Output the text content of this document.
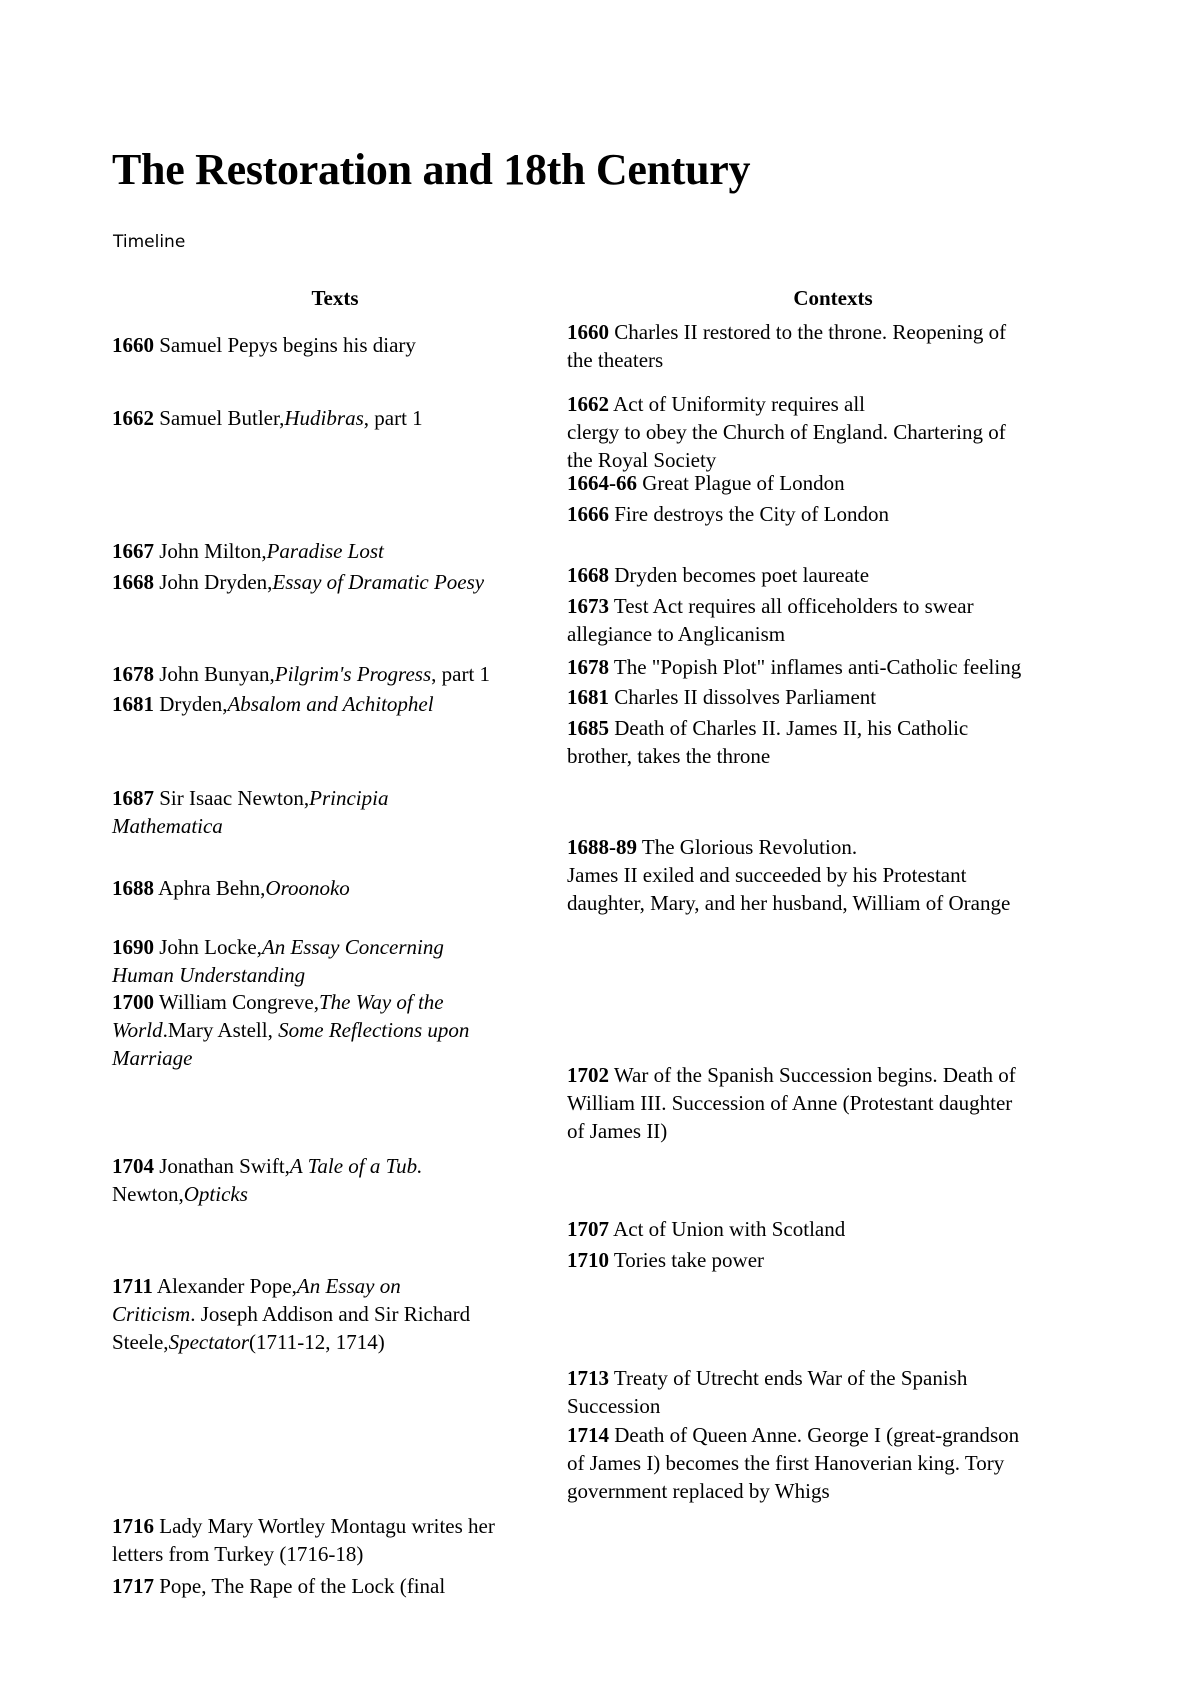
The Restoration and 18th Century
Timeline
Texts	Contexts
1660 Samuel Pepys begins his diary
1662 Samuel Butler,Hudibras, part 1
1667 John Milton,Paradise Lost
1668 John Dryden,Essay of Dramatic Poesy
1678 John Bunyan,Pilgrim's Progress, part 1
1681 Dryden,Absalom and Achitophel
1687 Sir Isaac Newton,Principia
Mathematica
1688 Aphra Behn,Oroonoko
1690 John Locke,An Essay Concerning
Human Understanding
1700 William Congreve,The Way of the
World.Mary Astell, Some Reflections upon
Marriage
1704 Jonathan Swift,A Tale of a Tub.
Newton,Opticks
1711 Alexander Pope,An Essay on
Criticism. Joseph Addison and Sir Richard
Steele,Spectator(1711-12, 1714)
1716 Lady Mary Wortley Montagu writes her
letters from Turkey (1716-18)
1717 Pope, The Rape of the Lock (final
1660 Charles II restored to the throne. Reopening of
the theaters
1662 Act of Uniformity requires all
clergy to obey the Church of England. Chartering of
the Royal Society
1664-66 Great Plague of London
1666 Fire destroys the City of London
1668 Dryden becomes poet laureate
1673 Test Act requires all officeholders to swear
allegiance to Anglicanism
1678 The "Popish Plot" inflames anti-Catholic feeling
1681 Charles II dissolves Parliament
1685 Death of Charles II. James II, his Catholic
brother, takes the throne
1688-89 The Glorious Revolution.
James II exiled and succeeded by his Protestant
daughter, Mary, and her husband, William of Orange
1702 War of the Spanish Succession begins. Death of
William III. Succession of Anne (Protestant daughter
of James II)
1707 Act of Union with Scotland
1710 Tories take power
1713 Treaty of Utrecht ends War of the Spanish
Succession
1714 Death of Queen Anne. George I (great-grandson
of James I) becomes the first Hanoverian king. Tory
government replaced by Whigs
